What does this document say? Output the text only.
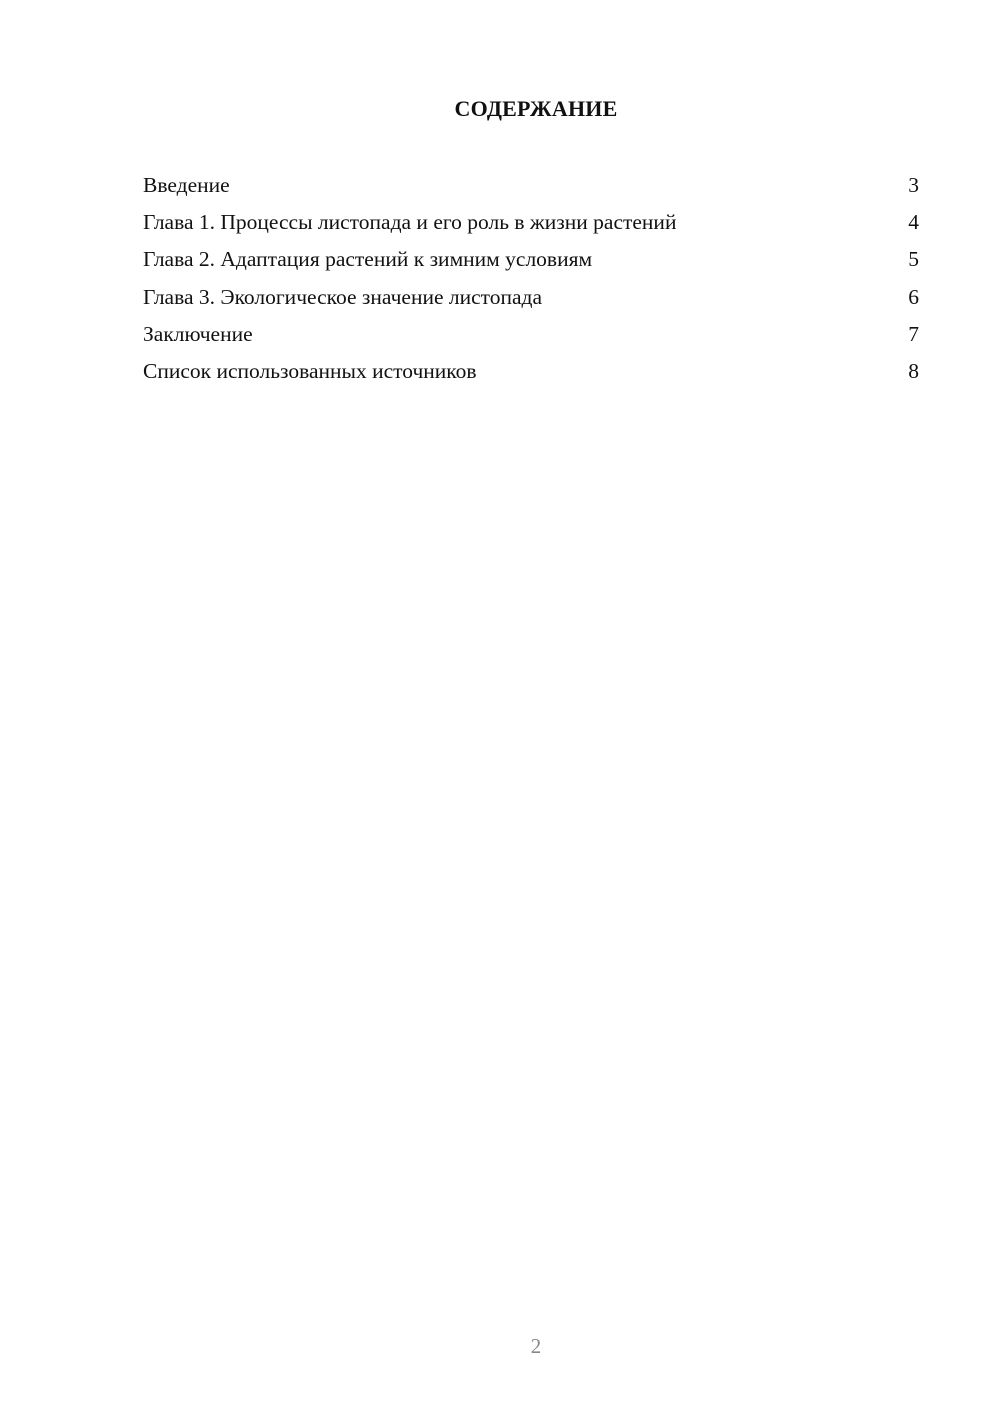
СОДЕРЖАНИЕ
Введение	3
Глава 1. Процессы листопада и его роль в жизни растений	4
Глава 2. Адаптация растений к зимним условиям	5
Глава 3. Экологическое значение листопада	6
Заключение	7
Список использованных источников	8
2
